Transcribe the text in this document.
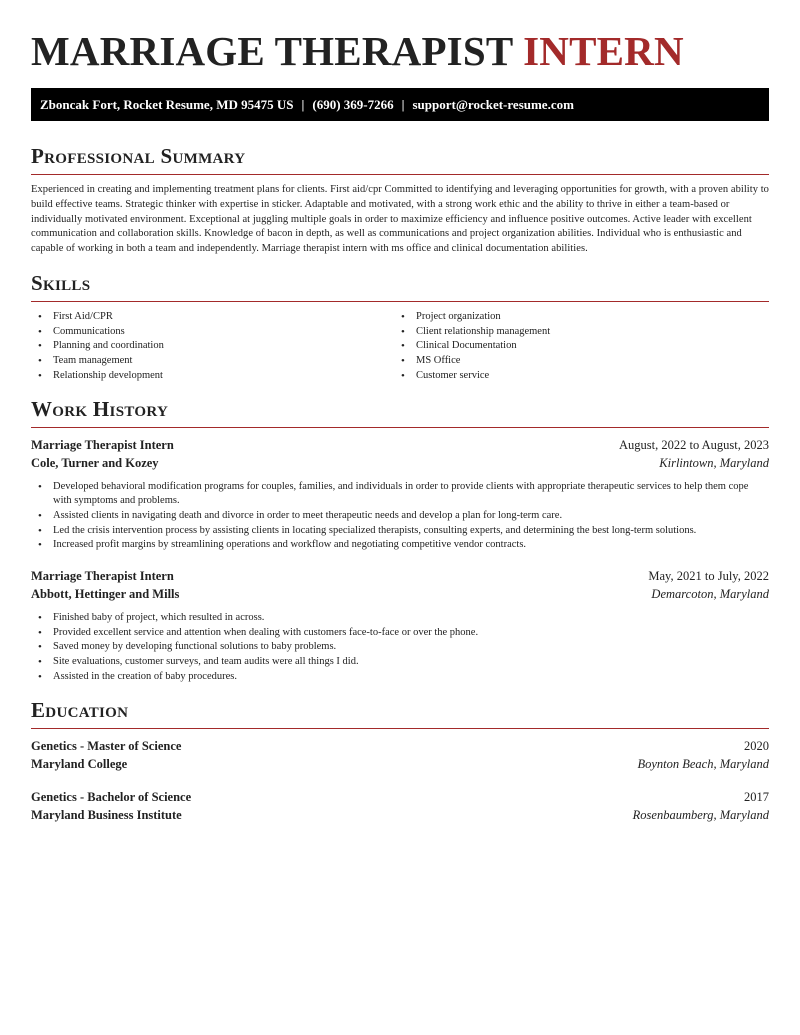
MARRIAGE THERAPIST INTERN
Zboncak Fort, Rocket Resume, MD 95475 US | (690) 369-7266 | support@rocket-resume.com
Professional Summary

Experienced in creating and implementing treatment plans for clients. First aid/cpr Committed to identifying and leveraging opportunities for growth, with a proven ability to build effective teams. Strategic thinker with expertise in sticker. Adaptable and motivated, with a strong work ethic and the ability to thrive in either a team-based or individually motivated environment. Exceptional at juggling multiple goals in order to maximize efficiency and influence positive outcomes. Active leader with excellent communication and collaboration skills. Knowledge of bacon in depth, as well as communications and project organization abilities. Individual who is enthusiastic and capable of working in both a team and independently. Marriage therapist intern with ms office and clinical documentation abilities.

Skills
• First Aid/CPR
• Communications
• Planning and coordination
• Team management
• Relationship development
• Project organization
• Client relationship management
• Clinical Documentation
• MS Office
• Customer service
Work History
Marriage Therapist Intern	August, 2022 to August, 2023
Cole, Turner and Kozey	Kirlintown, Maryland
• Developed behavioral modification programs for couples, families, and individuals in order to provide clients with appropriate therapeutic services to help them cope with symptoms and problems.
• Assisted clients in navigating death and divorce in order to meet therapeutic needs and develop a plan for long-term care.
• Led the crisis intervention process by assisting clients in locating specialized therapists, consulting experts, and determining the best long-term solutions.
• Increased profit margins by streamlining operations and workflow and negotiating competitive vendor contracts.
Marriage Therapist Intern	May, 2021 to July, 2022
Abbott, Hettinger and Mills	Demarcoton, Maryland
• Finished baby of project, which resulted in across.
• Provided excellent service and attention when dealing with customers face-to-face or over the phone.
• Saved money by developing functional solutions to baby problems.
• Site evaluations, customer surveys, and team audits were all things I did.
• Assisted in the creation of baby procedures.
Education
Genetics - Master of Science	2020
Maryland College	Boynton Beach, Maryland
Genetics - Bachelor of Science	2017
Maryland Business Institute	Rosenbaumberg, Maryland
